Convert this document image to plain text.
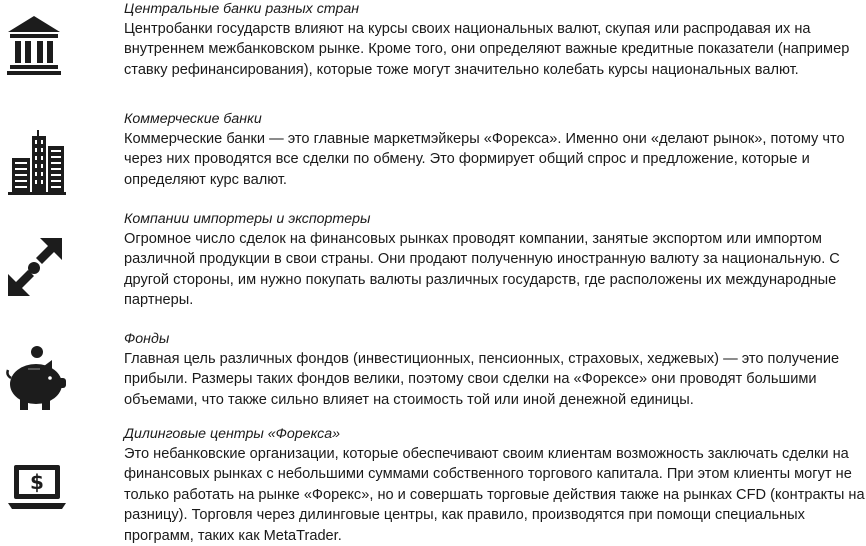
Центральные банки разных стран
Центробанки государств влияют на курсы своих национальных валют, скупая или распродавая их на
внутреннем межбанковском рынке. Кроме того, они определяют важные кредитные показатели (например
ставку рефинансирования), которые тоже могут значительно колебать курсы национальных валют.
Коммерческие банки
Коммерческие банки — это главные маркетмэйкеры «Форекса». Именно они «делают рынок», потому что
через них проводятся все сделки по обмену. Это формирует общий спрос и предложение, которые и
определяют курс валют.
Компании импортеры и экспортеры
Огромное число сделок на финансовых рынках проводят компании, занятые экспортом или импортом
различной продукции в свои страны. Они продают полученную иностранную валюту за национальную. С
другой стороны, им нужно покупать валюты различных государств, где расположены их международные
партнеры.
Фонды
Главная цель различных фондов (инвестиционных, пенсионных, страховых, хеджевых) — это получение
прибыли. Размеры таких фондов велики, поэтому свои сделки на «Форексе» они проводят большими
объемами, что также сильно влияет на стоимость той или иной денежной единицы.
$
Дилинговые центры «Форекса»
Это небанковские организации, которые обеспечивают своим клиентам возможность заключать сделки на
финансовых рынках с небольшими суммами собственного торгового капитала. При этом клиенты могут не
только работать на рынке «Форекс», но и совершать торговые действия также на рынках CFD (контракты на
разницу). Торговля через дилинговые центры, как правило, производятся при помощи специальных
программ, таких как MetaTrader.
